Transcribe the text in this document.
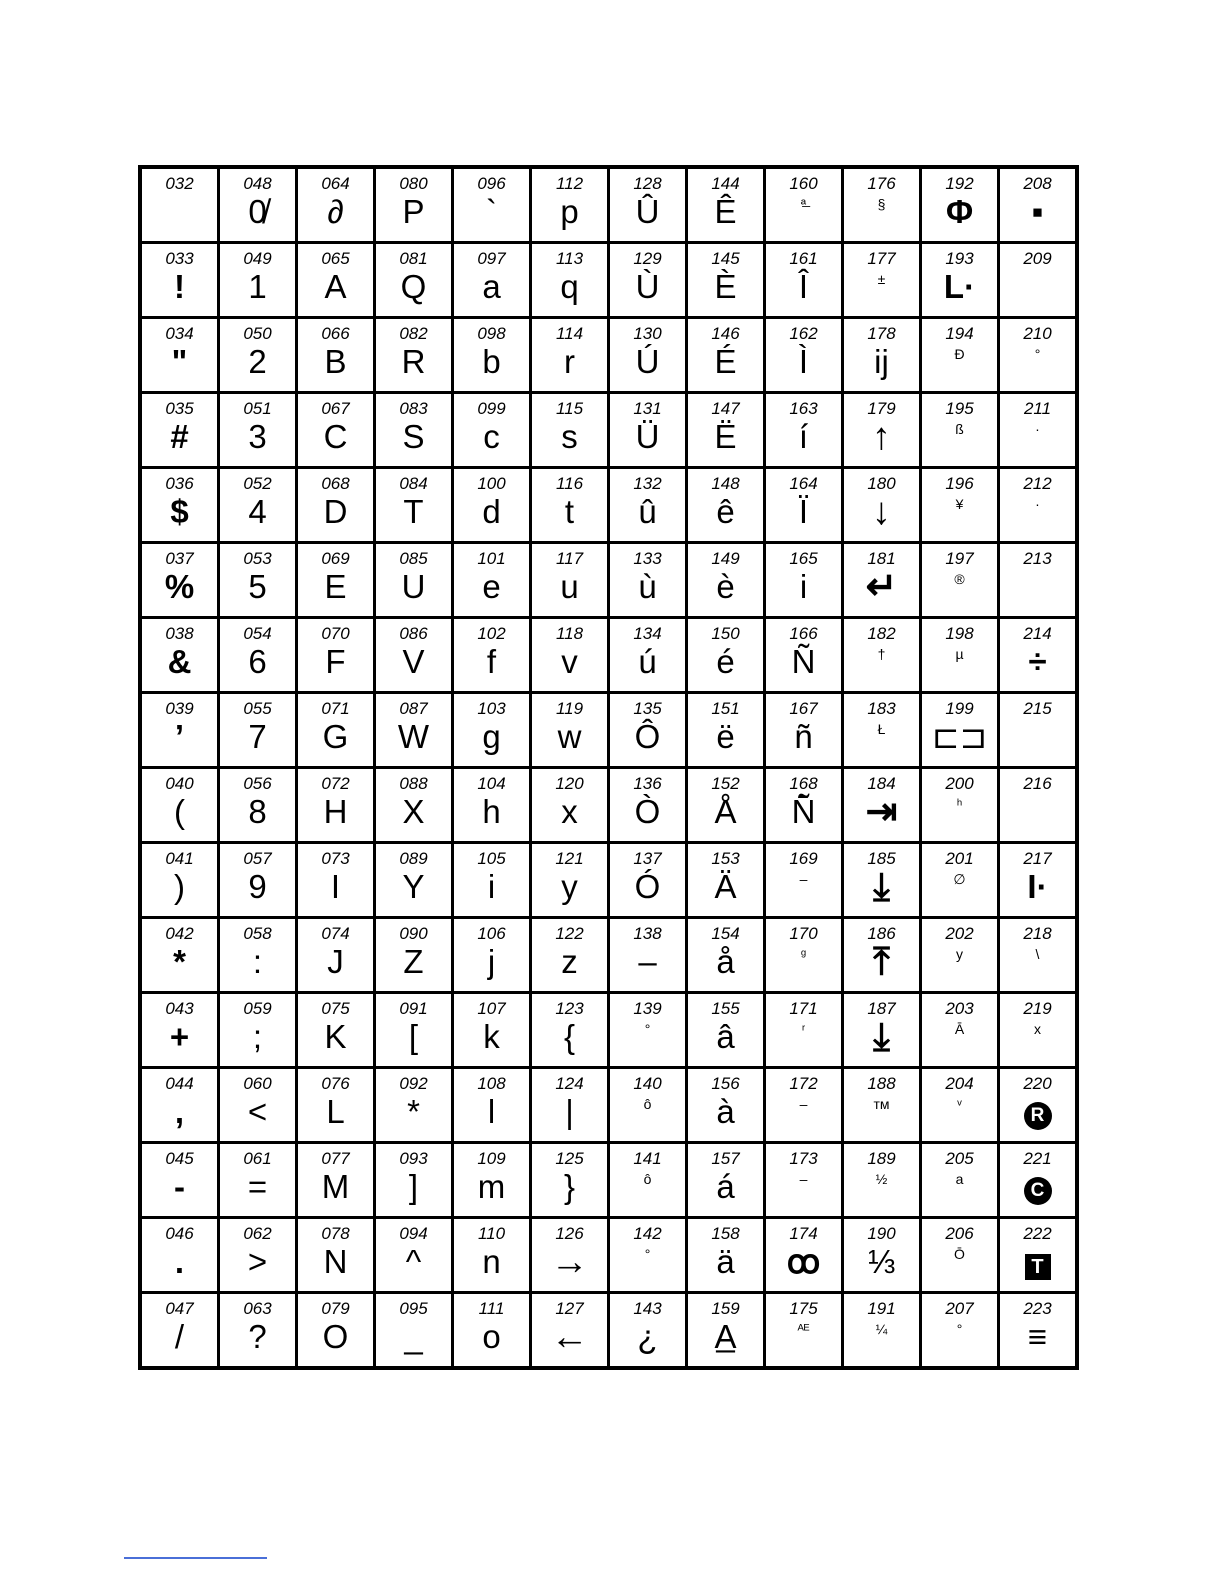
032	048
0̸	064
∂	080
P	096
`	112
p	128
Û	144
Ê	160
ª̶	176
§	192
Φ	208
▪

033
!	049
1	065
A	081
Q	097
a	113
q	129
Ù	145
È	161
Î	177
±	193
L·	209

034
"	050
2	066
B	082
R	098
b	114
r	130
Ú	146
É	162
Ì	178
ij	194
Ð	210
°

035
#	051
3	067
C	083
S	099
c	115
s	131
Ü	147
Ë	163
í	179
↑	195
ß	211
·

036
$	052
4	068
D	084
T	100
d	116
t	132
û	148
ê	164
Ï	180
↓	196
¥	212
·

037
%	053
5	069
E	085
U	101
e	117
u	133
ù	149
è	165
i	181
↵	197
®	213

038
&	054
6	070
F	086
V	102
f	118
v	134
ú	150
é	166
Ñ	182
†	198
µ	214
÷

039
’	055
7	071
G	087
W	103
g	119
w	135
Ô	151
ë	167
ñ	183
Ł	199
⊏⊐	215

040
(	056
8	072
H	088
X	104
h	120
x	136
Ò	152
Å	168
Ñ̄	184
⇥	200
ʰ	216

041
)	057
9	073
I	089
Y	105
i	121
y	137
Ó	153
Ä	169
–	185
⤓	201
∅	217
I·

042
*	058
:	074
J	090
Z	106
j	122
z	138
–	154
å	170
ᵍ	186
⤒	202
y	218
\

043
+	059
;	075
K	091
[	107
k	123
{	139
°	155
â	171
ʳ	187
⤓	203
Ā	219
x

044
,	060
<	076
L	092
*	108
l	124
|	140
ô	156
à	172
–	188
ᴛᴍ	204
ᵛ	220
R

045
-	061
=	077
M	093
]	109
m	125
}	141
ô	157
á	173
–	189
½	205
a	221
C

046
.	062
>	078
N	094
^	110
n	126
→	142
°	158
ä	174
ꝏ	190
⅓	206
Ō	222
T

047
/	063
?	079
O	095
_	111
o	127
←	143
¿	159
A̲	175
ᴬᴱ	191
¼	207
°	223
≡
